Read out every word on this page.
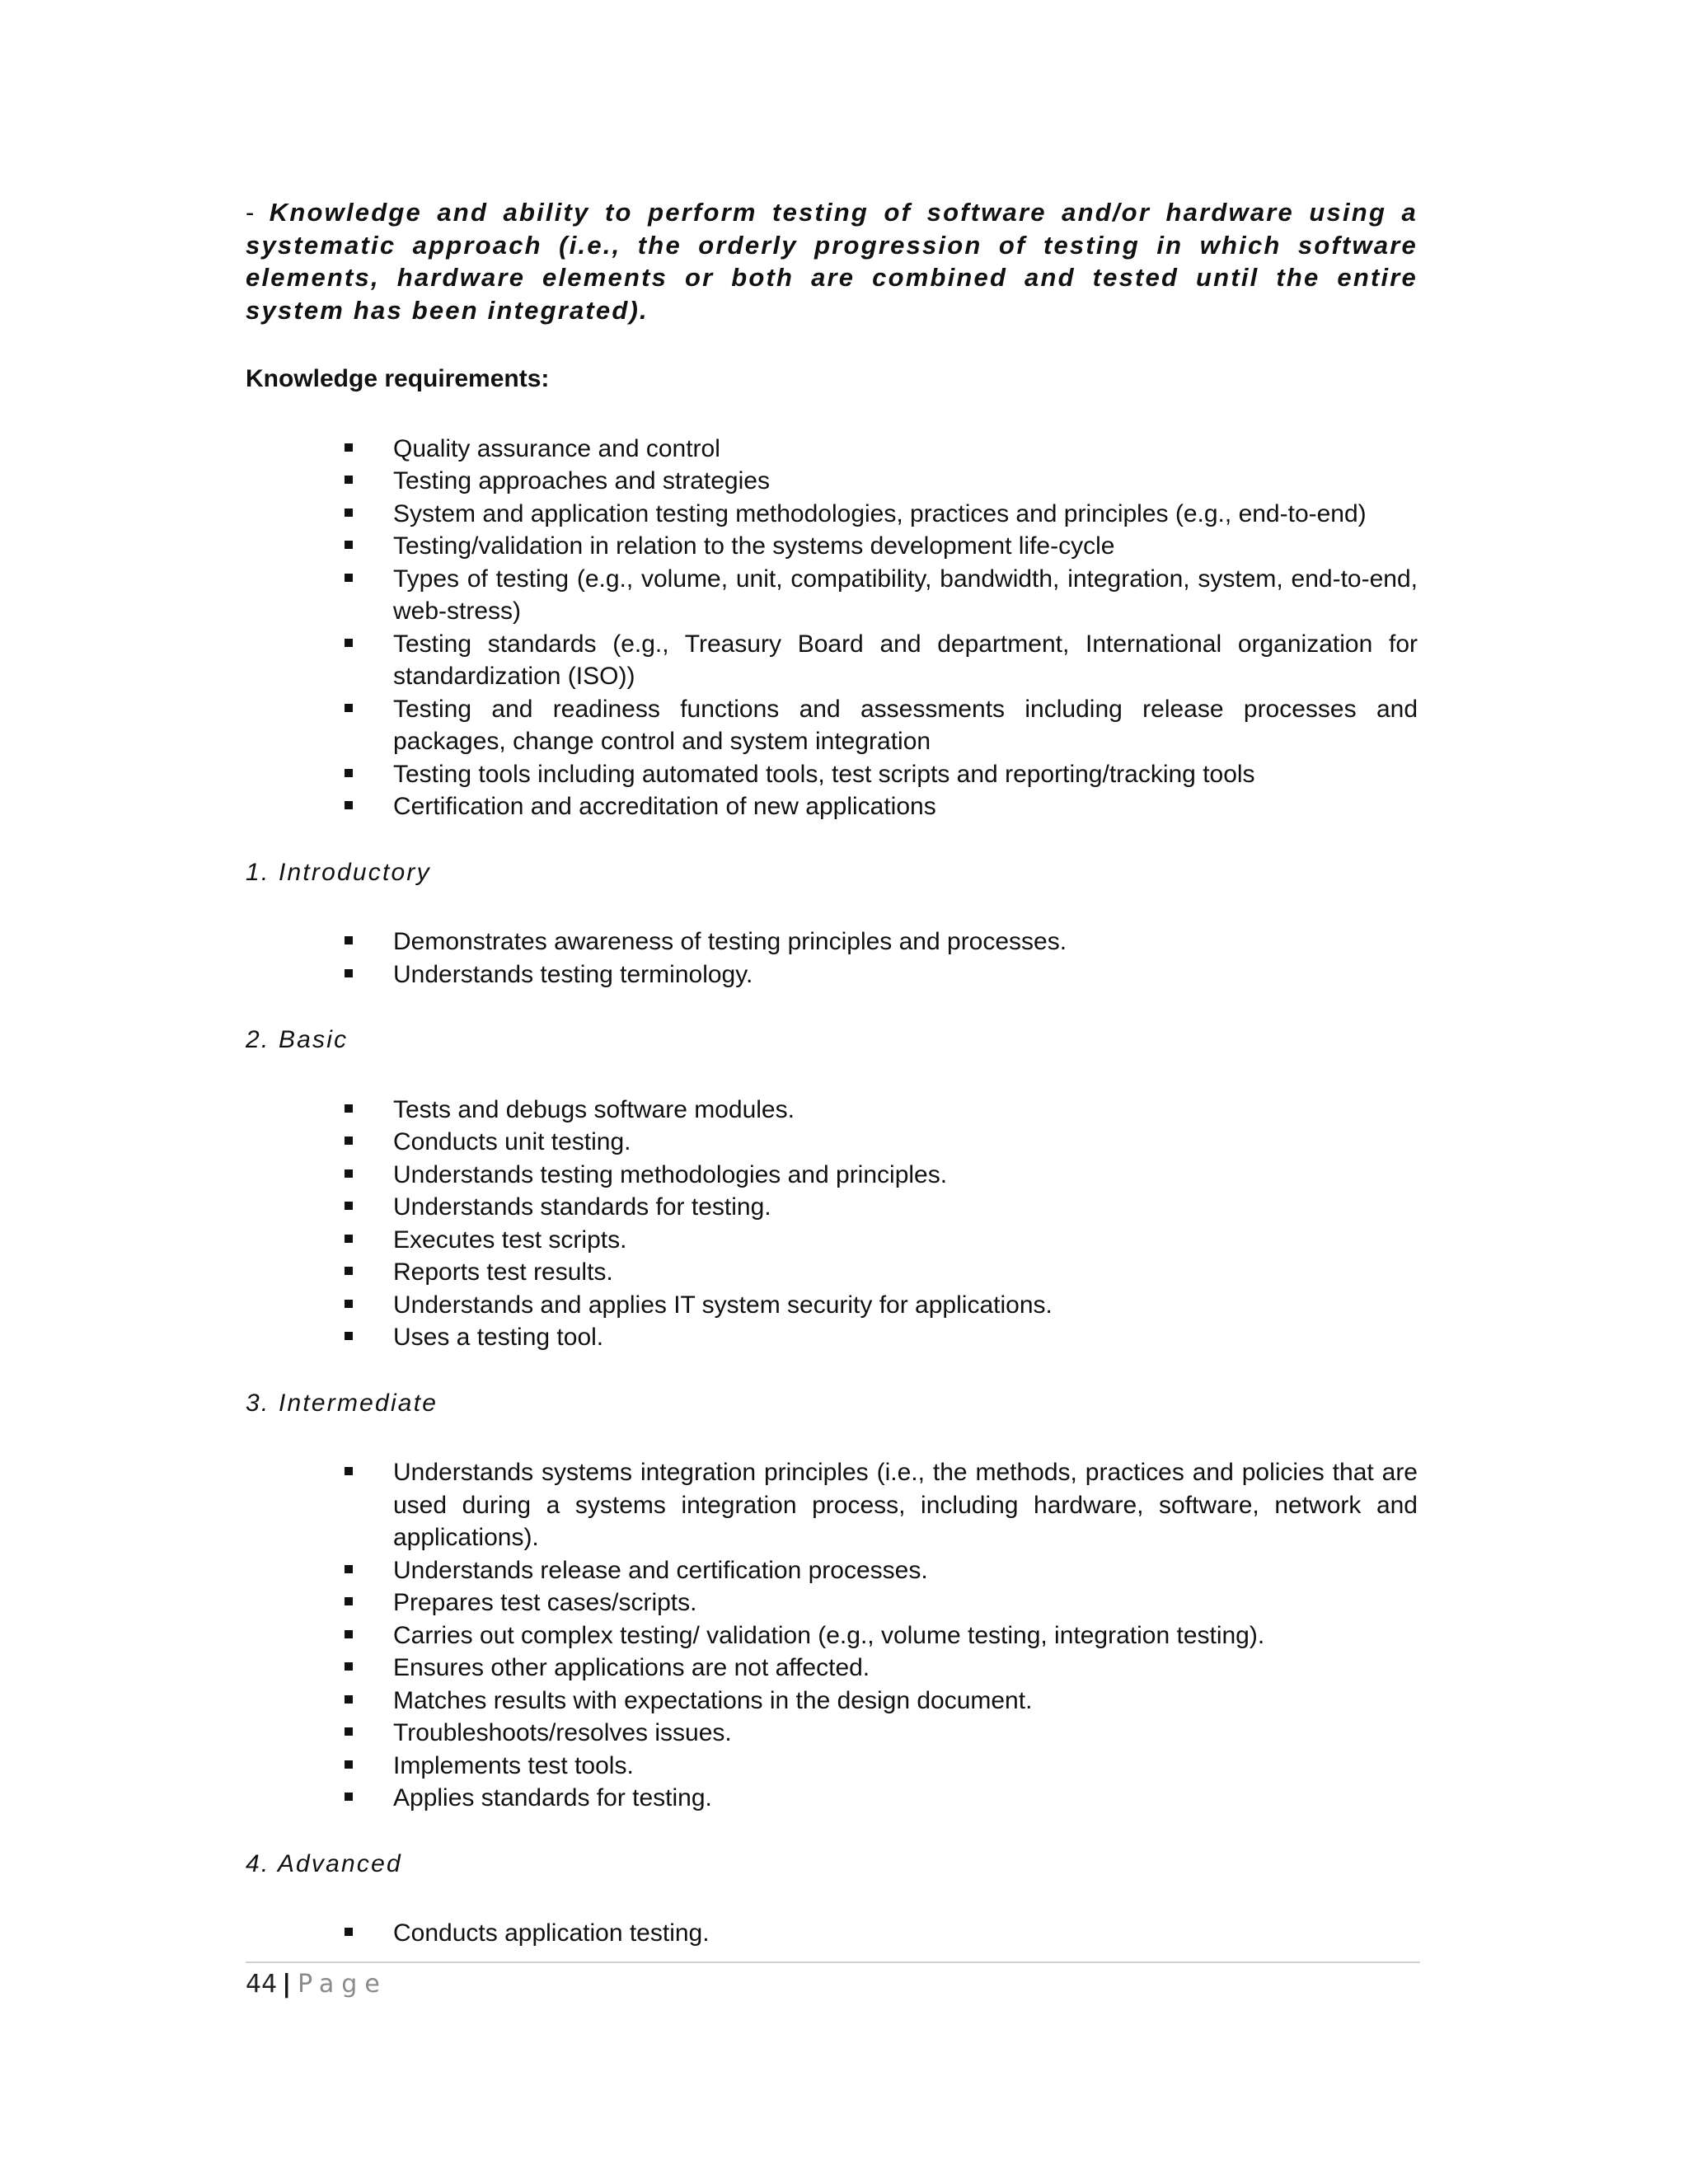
- Knowledge and ability to perform testing of software and/or hardware using a systematic approach (i.e., the orderly progression of testing in which software elements, hardware elements or both are combined and tested until the entire system has been integrated).

Knowledge requirements:
Quality assurance and control
Testing approaches and strategies
System and application testing methodologies, practices and principles (e.g., end-to-end)
Testing/validation in relation to the systems development life-cycle
Types of testing (e.g., volume, unit, compatibility, bandwidth, integration, system, end-to-end, web-stress)
Testing standards (e.g., Treasury Board and department, International organization for standardization (ISO))
Testing and readiness functions and assessments including release processes and packages, change control and system integration
Testing tools including automated tools, test scripts and reporting/tracking tools
Certification and accreditation of new applications
1. Introductory
Demonstrates awareness of testing principles and processes.
Understands testing terminology.
2. Basic
Tests and debugs software modules.
Conducts unit testing.
Understands testing methodologies and principles.
Understands standards for testing.
Executes test scripts.
Reports test results.
Understands and applies IT system security for applications.
Uses a testing tool.
3. Intermediate
Understands systems integration principles (i.e., the methods, practices and policies that are used during a systems integration process, including hardware, software, network and applications).
Understands release and certification processes.
Prepares test cases/scripts.
Carries out complex testing/ validation (e.g., volume testing, integration testing).
Ensures other applications are not affected.
Matches results with expectations in the design document.
Troubleshoots/resolves issues.
Implements test tools.
Applies standards for testing.
4. Advanced
Conducts application testing.
44 | Page
